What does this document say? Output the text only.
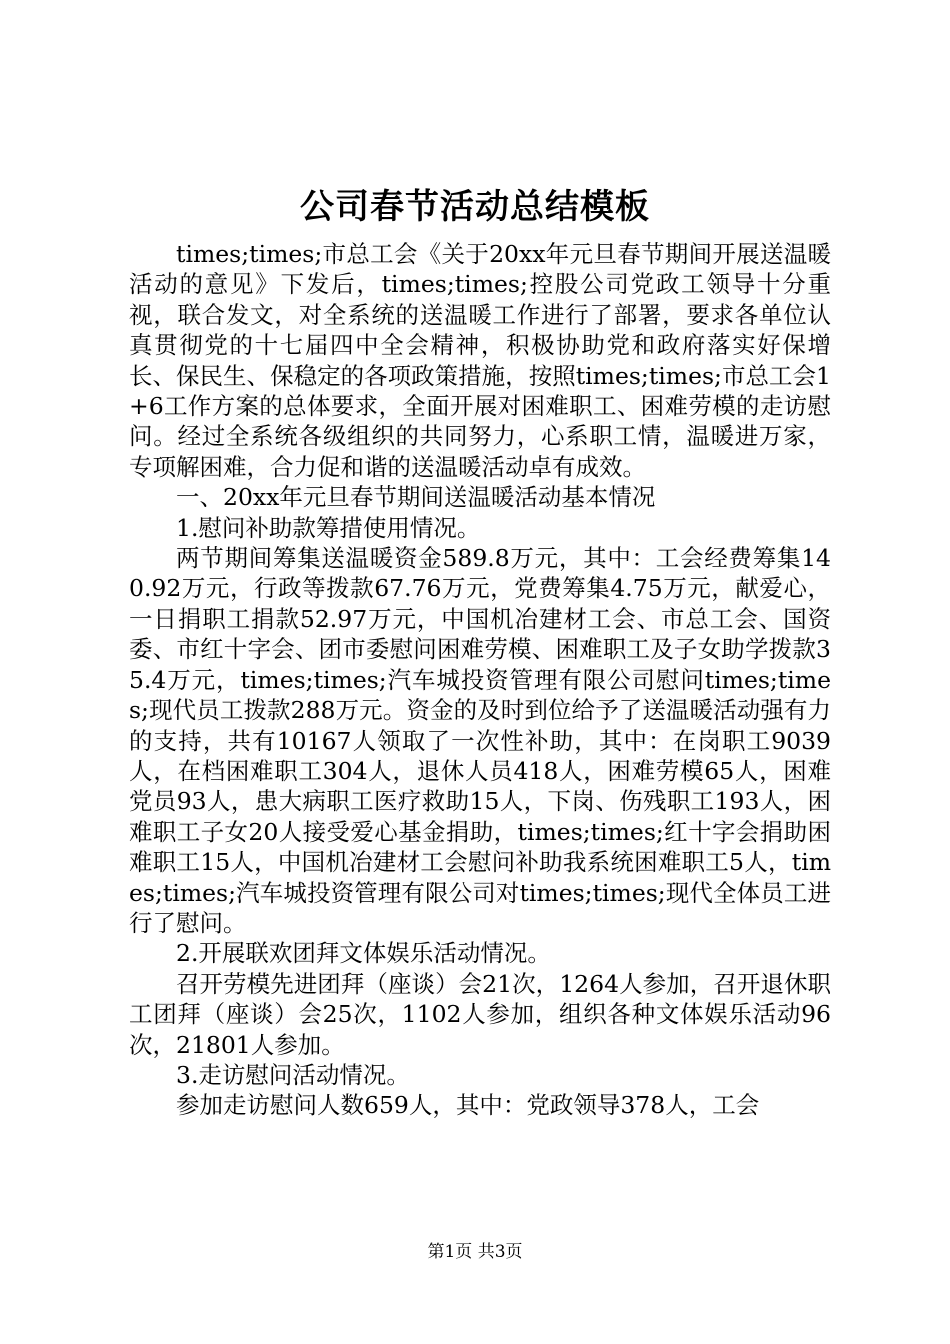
公司春节活动总结模板

times;times;市总工会《关于20xx年元旦春节期间开展送温暖活动的意见》下发后，times;times;控股公司党政工领导十分重视，联合发文，对全系统的送温暖工作进行了部署，要求各单位认真贯彻党的十七届四中全会精神，积极协助党和政府落实好保增长、保民生、保稳定的各项政策措施，按照times;times;市总工会1+6工作方案的总体要求，全面开展对困难职工、困难劳模的走访慰问。经过全系统各级组织的共同努力，心系职工情，温暖进万家，专项解困难，合力促和谐的送温暖活动卓有成效。

一、20xx年元旦春节期间送温暖活动基本情况

1.慰问补助款筹措使用情况。

两节期间筹集送温暖资金589.8万元，其中：工会经费筹集140.92万元，行政等拨款67.76万元，党费筹集4.75万元，献爱心，一日捐职工捐款52.97万元，中国机冶建材工会、市总工会、国资委、市红十字会、团市委慰问困难劳模、困难职工及子女助学拨款35.4万元，times;times;汽车城投资管理有限公司慰问times;times;现代员工拨款288万元。资金的及时到位给予了送温暖活动强有力的支持，共有10167人领取了一次性补助，其中：在岗职工9039人，在档困难职工304人，退休人员418人，困难劳模65人，困难党员93人，患大病职工医疗救助15人，下岗、伤残职工193人，困难职工子女20人接受爱心基金捐助，times;times;红十字会捐助困难职工15人，中国机冶建材工会慰问补助我系统困难职工5人，times;times;汽车城投资管理有限公司对times;times;现代全体员工进行了慰问。

2.开展联欢团拜文体娱乐活动情况。

召开劳模先进团拜（座谈）会21次，1264人参加，召开退休职工团拜（座谈）会25次，1102人参加，组织各种文体娱乐活动96次，21801人参加。

3.走访慰问活动情况。

参加走访慰问人数659人，其中：党政领导378人，工会

第1页 共3页
